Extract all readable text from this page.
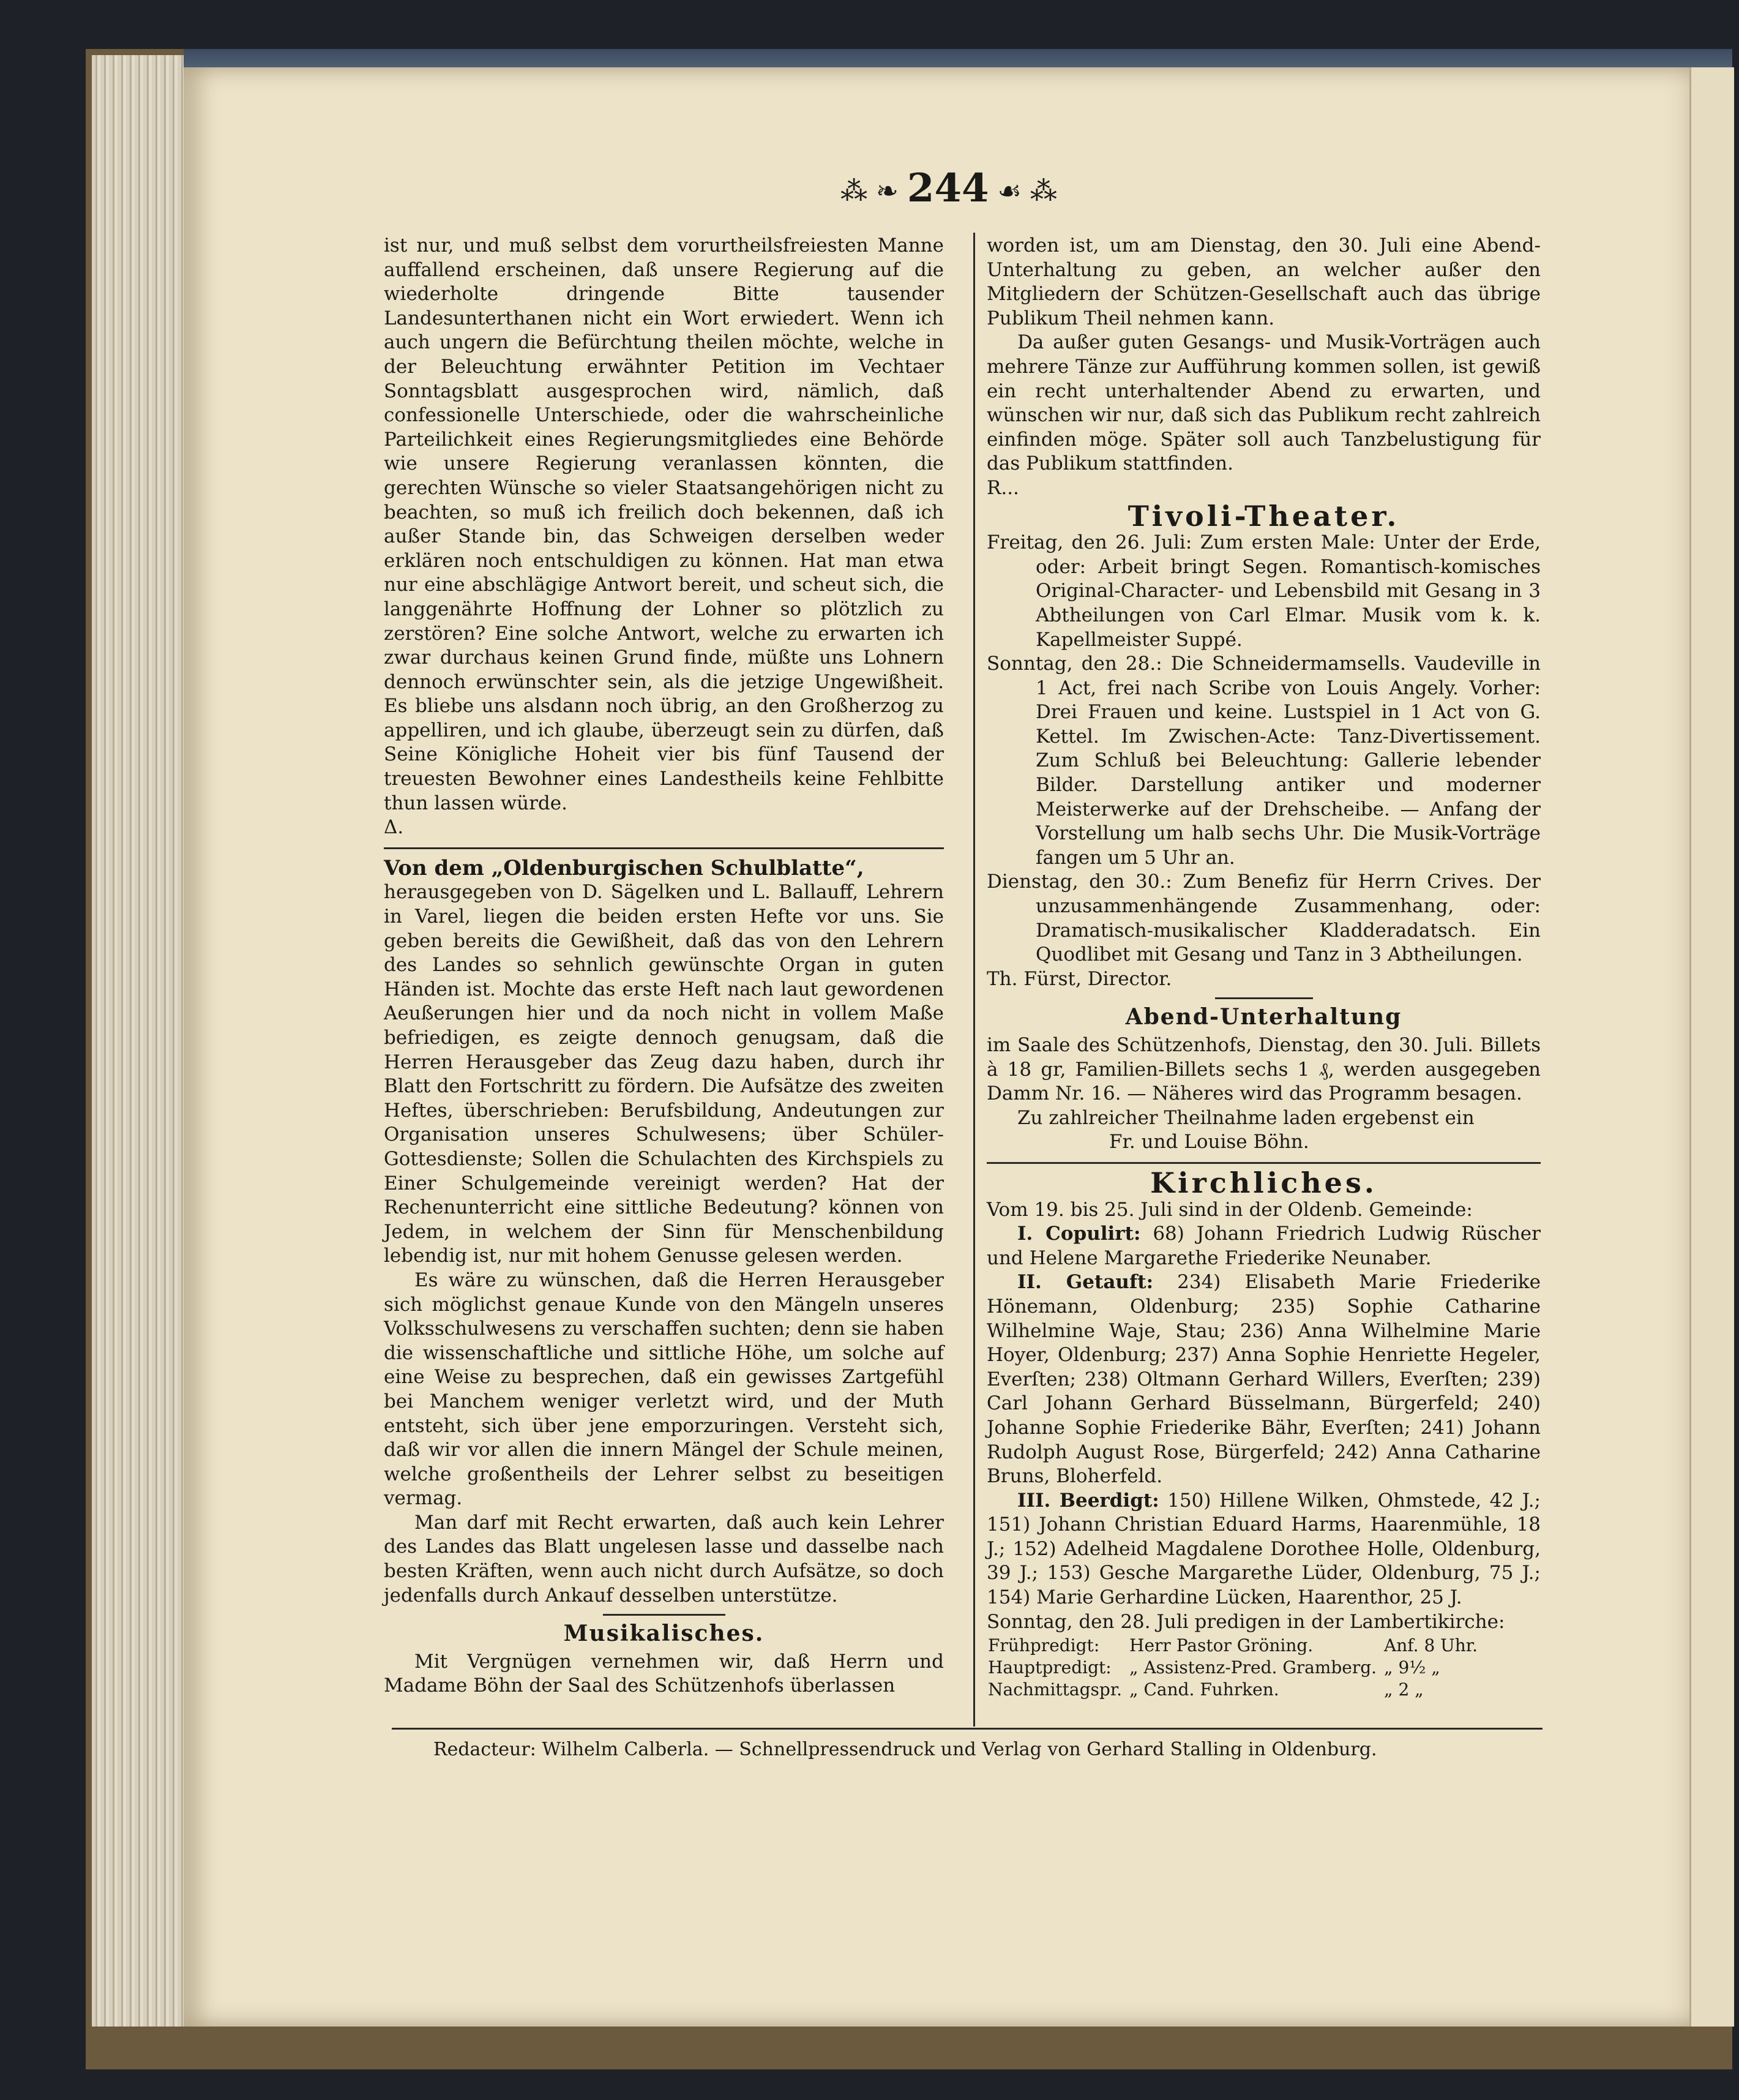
⁂ ❧ 244 ☙ ⁂

ist nur, und muß selbst dem vorurtheilsfreiesten Manne auffallend erscheinen, daß unsere Regierung auf die wiederholte dringende Bitte tausender Landesunterthanen nicht ein Wort erwiedert. Wenn ich auch ungern die Befürchtung theilen möchte, welche in der Beleuchtung erwähnter Petition im Vechtaer Sonntagsblatt ausgesprochen wird, nämlich, daß confessionelle Unterschiede, oder die wahrscheinliche Parteilichkeit eines Regierungsmitgliedes eine Behörde wie unsere Regierung veranlassen könnten, die gerechten Wünsche so vieler Staatsangehörigen nicht zu beachten, so muß ich freilich doch bekennen, daß ich außer Stande bin, das Schweigen derselben weder erklären noch entschuldigen zu können. Hat man etwa nur eine abschlägige Antwort bereit, und scheut sich, die langgenährte Hoffnung der Lohner so plötzlich zu zerstören? Eine solche Antwort, welche zu erwarten ich zwar durchaus keinen Grund finde, müßte uns Lohnern dennoch erwünschter sein, als die jetzige Ungewißheit. Es bliebe uns alsdann noch übrig, an den Großherzog zu appelliren, und ich glaube, überzeugt sein zu dürfen, daß Seine Königliche Hoheit vier bis fünf Tausend der treuesten Bewohner eines Landestheils keine Fehlbitte thun lassen würde.

Δ.

Von dem „Oldenburgischen Schulblatte“,

herausgegeben von D. Sägelken und L. Ballauff, Lehrern in Varel, liegen die beiden ersten Hefte vor uns. Sie geben bereits die Gewißheit, daß das von den Lehrern des Landes so sehnlich gewünschte Organ in guten Händen ist. Mochte das erste Heft nach laut gewordenen Aeußerungen hier und da noch nicht in vollem Maße befriedigen, es zeigte dennoch genugsam, daß die Herren Herausgeber das Zeug dazu haben, durch ihr Blatt den Fortschritt zu fördern. Die Aufsätze des zweiten Heftes, überschrieben: Berufsbildung, Andeutungen zur Organisation unseres Schulwesens; über Schüler-Gottesdienste; Sollen die Schulachten des Kirchspiels zu Einer Schulgemeinde vereinigt werden? Hat der Rechenunterricht eine sittliche Bedeutung? können von Jedem, in welchem der Sinn für Menschenbildung lebendig ist, nur mit hohem Genusse gelesen werden.

Es wäre zu wünschen, daß die Herren Herausgeber sich möglichst genaue Kunde von den Mängeln unseres Volksschulwesens zu verschaffen suchten; denn sie haben die wissenschaftliche und sittliche Höhe, um solche auf eine Weise zu besprechen, daß ein gewisses Zartgefühl bei Manchem weniger verletzt wird, und der Muth entsteht, sich über jene emporzuringen. Versteht sich, daß wir vor allen die innern Mängel der Schule meinen, welche großentheils der Lehrer selbst zu beseitigen vermag.

Man darf mit Recht erwarten, daß auch kein Lehrer des Landes das Blatt ungelesen lasse und dasselbe nach besten Kräften, wenn auch nicht durch Aufsätze, so doch jedenfalls durch Ankauf desselben unterstütze.

Musikalisches.

Mit Vergnügen vernehmen wir, daß Herrn und Madame Böhn der Saal des Schützenhofs überlassen

worden ist, um am Dienstag, den 30. Juli eine Abend-Unterhaltung zu geben, an welcher außer den Mitgliedern der Schützen-Gesellschaft auch das übrige Publikum Theil nehmen kann.

Da außer guten Gesangs- und Musik-Vorträgen auch mehrere Tänze zur Aufführung kommen sollen, ist gewiß ein recht unterhaltender Abend zu erwarten, und wünschen wir nur, daß sich das Publikum recht zahlreich einfinden möge. Später soll auch Tanzbelustigung für das Publikum stattfinden.

R...

Tivoli-Theater.

Freitag, den 26. Juli: Zum ersten Male: Unter der Erde, oder: Arbeit bringt Segen. Romantisch-komisches Original-Character- und Lebensbild mit Gesang in 3 Abtheilungen von Carl Elmar. Musik vom k. k. Kapellmeister Suppé.

Sonntag, den 28.: Die Schneidermamsells. Vaudeville in 1 Act, frei nach Scribe von Louis Angely. Vorher: Drei Frauen und keine. Lustspiel in 1 Act von G. Kettel. Im Zwischen-Acte: Tanz-Divertissement. Zum Schluß bei Beleuchtung: Gallerie lebender Bilder. Darstellung antiker und moderner Meisterwerke auf der Drehscheibe. — Anfang der Vorstellung um halb sechs Uhr. Die Musik-Vorträge fangen um 5 Uhr an.

Dienstag, den 30.: Zum Benefiz für Herrn Crives. Der unzusammenhängende Zusammenhang, oder: Dramatisch-musikalischer Kladderadatsch. Ein Quodlibet mit Gesang und Tanz in 3 Abtheilungen.

Th. Fürst, Director.

Abend-Unterhaltung

im Saale des Schützenhofs, Dienstag, den 30. Juli. Billets à 18 gr, Familien-Billets sechs 1 ₰, werden ausgegeben Damm Nr. 16. — Näheres wird das Programm besagen.

Zu zahlreicher Theilnahme laden ergebenst ein

Fr. und Louise Böhn.

Kirchliches.

Vom 19. bis 25. Juli sind in der Oldenb. Gemeinde:

I. Copulirt: 68) Johann Friedrich Ludwig Rüscher und Helene Margarethe Friederike Neunaber.

II. Getauft: 234) Elisabeth Marie Friederike Hönemann, Oldenburg; 235) Sophie Catharine Wilhelmine Waje, Stau; 236) Anna Wilhelmine Marie Hoyer, Oldenburg; 237) Anna Sophie Henriette Hegeler, Everſten; 238) Oltmann Gerhard Willers, Everſten; 239) Carl Johann Gerhard Büsselmann, Bürgerfeld; 240) Johanne Sophie Friederike Bähr, Everſten; 241) Johann Rudolph August Rose, Bürgerfeld; 242) Anna Catharine Bruns, Bloherfeld.

III. Beerdigt: 150) Hillene Wilken, Ohmstede, 42 J.; 151) Johann Christian Eduard Harms, Haarenmühle, 18 J.; 152) Adelheid Magdalene Dorothee Holle, Oldenburg, 39 J.; 153) Gesche Margarethe Lüder, Oldenburg, 75 J.; 154) Marie Gerhardine Lücken, Haarenthor, 25 J.

Sonntag, den 28. Juli predigen in der Lambertikirche:

Frühpredigt:	Herr Pastor Gröning.	Anf. 8 Uhr.
Hauptpredigt:	„ Assistenz-Pred. Gramberg.	„ 9½ „
Nachmittagspr.	„ Cand. Fuhrken.	„ 2 „
Redacteur: Wilhelm Calberla. — Schnellpressendruck und Verlag von Gerhard Stalling in Oldenburg.
